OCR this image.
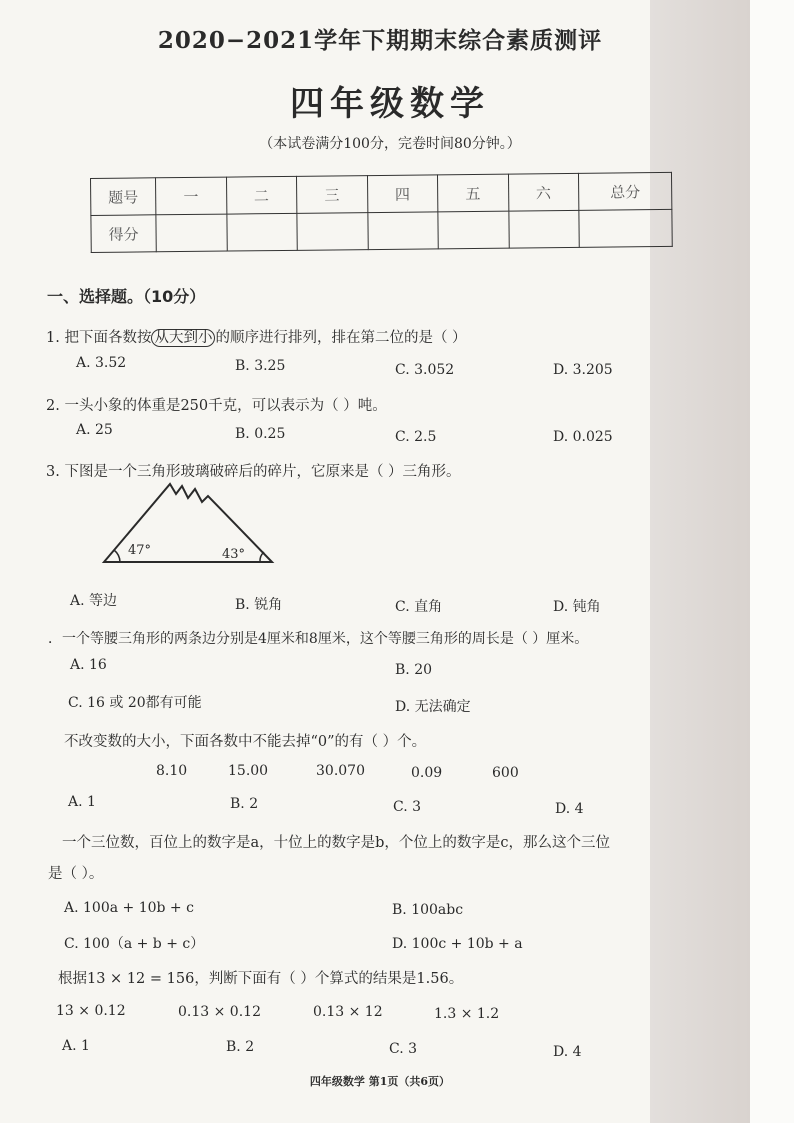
2020−2021学年下期期末综合素质测评
四年级数学
（本试卷满分100分，完卷时间80分钟。）
题号	一	二	三	四	五	六	总分
得分							
一、选择题。（10分）
1. 把下面各数按 从大到小 的顺序进行排列，排在第二位的是（ ）
A. 3.52	B. 3.25	C. 3.052	D. 3.205
2. 一头小象的体重是250千克，可以表示为（ ）吨。
A. 25	B. 0.25	C. 2.5	D. 0.025
3. 下图是一个三角形玻璃破碎后的碎片，它原来是（ ）三角形。
47°	43°
A. 等边	B. 锐角	C. 直角	D. 钝角
．一个等腰三角形的两条边分别是4厘米和8厘米，这个等腰三角形的周长是（ ）厘米。
A. 16	B. 20
C. 16 或 20都有可能	D. 无法确定
不改变数的大小，下面各数中不能去掉“0”的有（ ）个。
8.10	15.00	30.070	0.09	600
A. 1	B. 2	C. 3	D. 4
一个三位数，百位上的数字是a，十位上的数字是b，个位上的数字是c，那么这个三位
是（ ）。
A. 100a + 10b + c	B. 100abc
C. 100（a + b + c）	D. 100c + 10b + a
根据13 × 12 = 156，判断下面有（ ）个算式的结果是1.56。
13 × 0.12	0.13 × 0.12	0.13 × 12	1.3 × 1.2
A. 1	B. 2	C. 3	D. 4
四年级数学 第1页（共6页）
